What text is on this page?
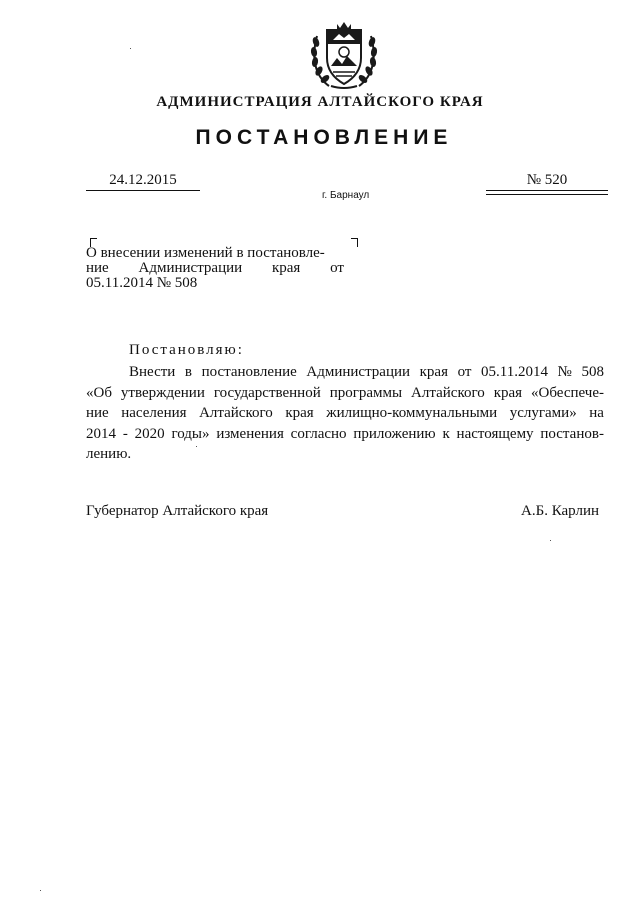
АДМИНИСТРАЦИЯ АЛТАЙСКОГО КРАЯ
ПОСТАНОВЛЕНИЕ
24.12.2015	№ 520
г. Барнаул
О внесении изменений в постановле-
ние Администрации края от
05.11.2014 № 508
Постановляю:
Внести в постановление Администрации края от 05.11.2014 № 508
«Об утверждении государственной программы Алтайского края «Обеспече-
ние населения Алтайского края жилищно-коммунальными услугами» на
2014 - 2020 годы» изменения согласно приложению к настоящему постанов-
лению.
Губернатор Алтайского края	А.Б. Карлин
